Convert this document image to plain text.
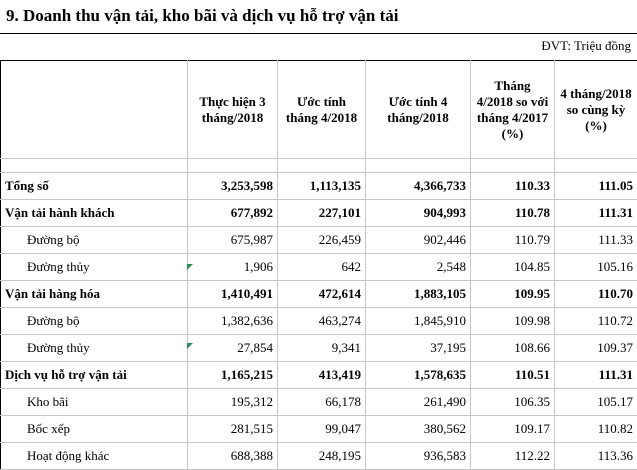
9. Doanh thu vận tải, kho bãi và dịch vụ hỗ trợ vận tải
ĐVT: Triệu đồng
	Thực hiện 3 tháng/2018	Ước tính tháng 4/2018	Ước tính 4 tháng/2018	Tháng 4/2018 so với tháng 4/2017 (%)	4 tháng/2018 so cùng kỳ (%)

Tổng số	3,253,598	1,113,135	4,366,733	110.33	111.05
Vận tải hành khách	677,892	227,101	904,993	110.78	111.31
Đường bộ	675,987	226,459	902,446	110.79	111.33
Đường thủy	1,906	642	2,548	104.85	105.16
Vận tải hàng hóa	1,410,491	472,614	1,883,105	109.95	110.70
Đường bộ	1,382,636	463,274	1,845,910	109.98	110.72
Đường thủy	27,854	9,341	37,195	108.66	109.37
Dịch vụ hỗ trợ vận tải	1,165,215	413,419	1,578,635	110.51	111.31
Kho bãi	195,312	66,178	261,490	106.35	105.17
Bốc xếp	281,515	99,047	380,562	109.17	110.82
Hoạt động khác	688,388	248,195	936,583	112.22	113.36
